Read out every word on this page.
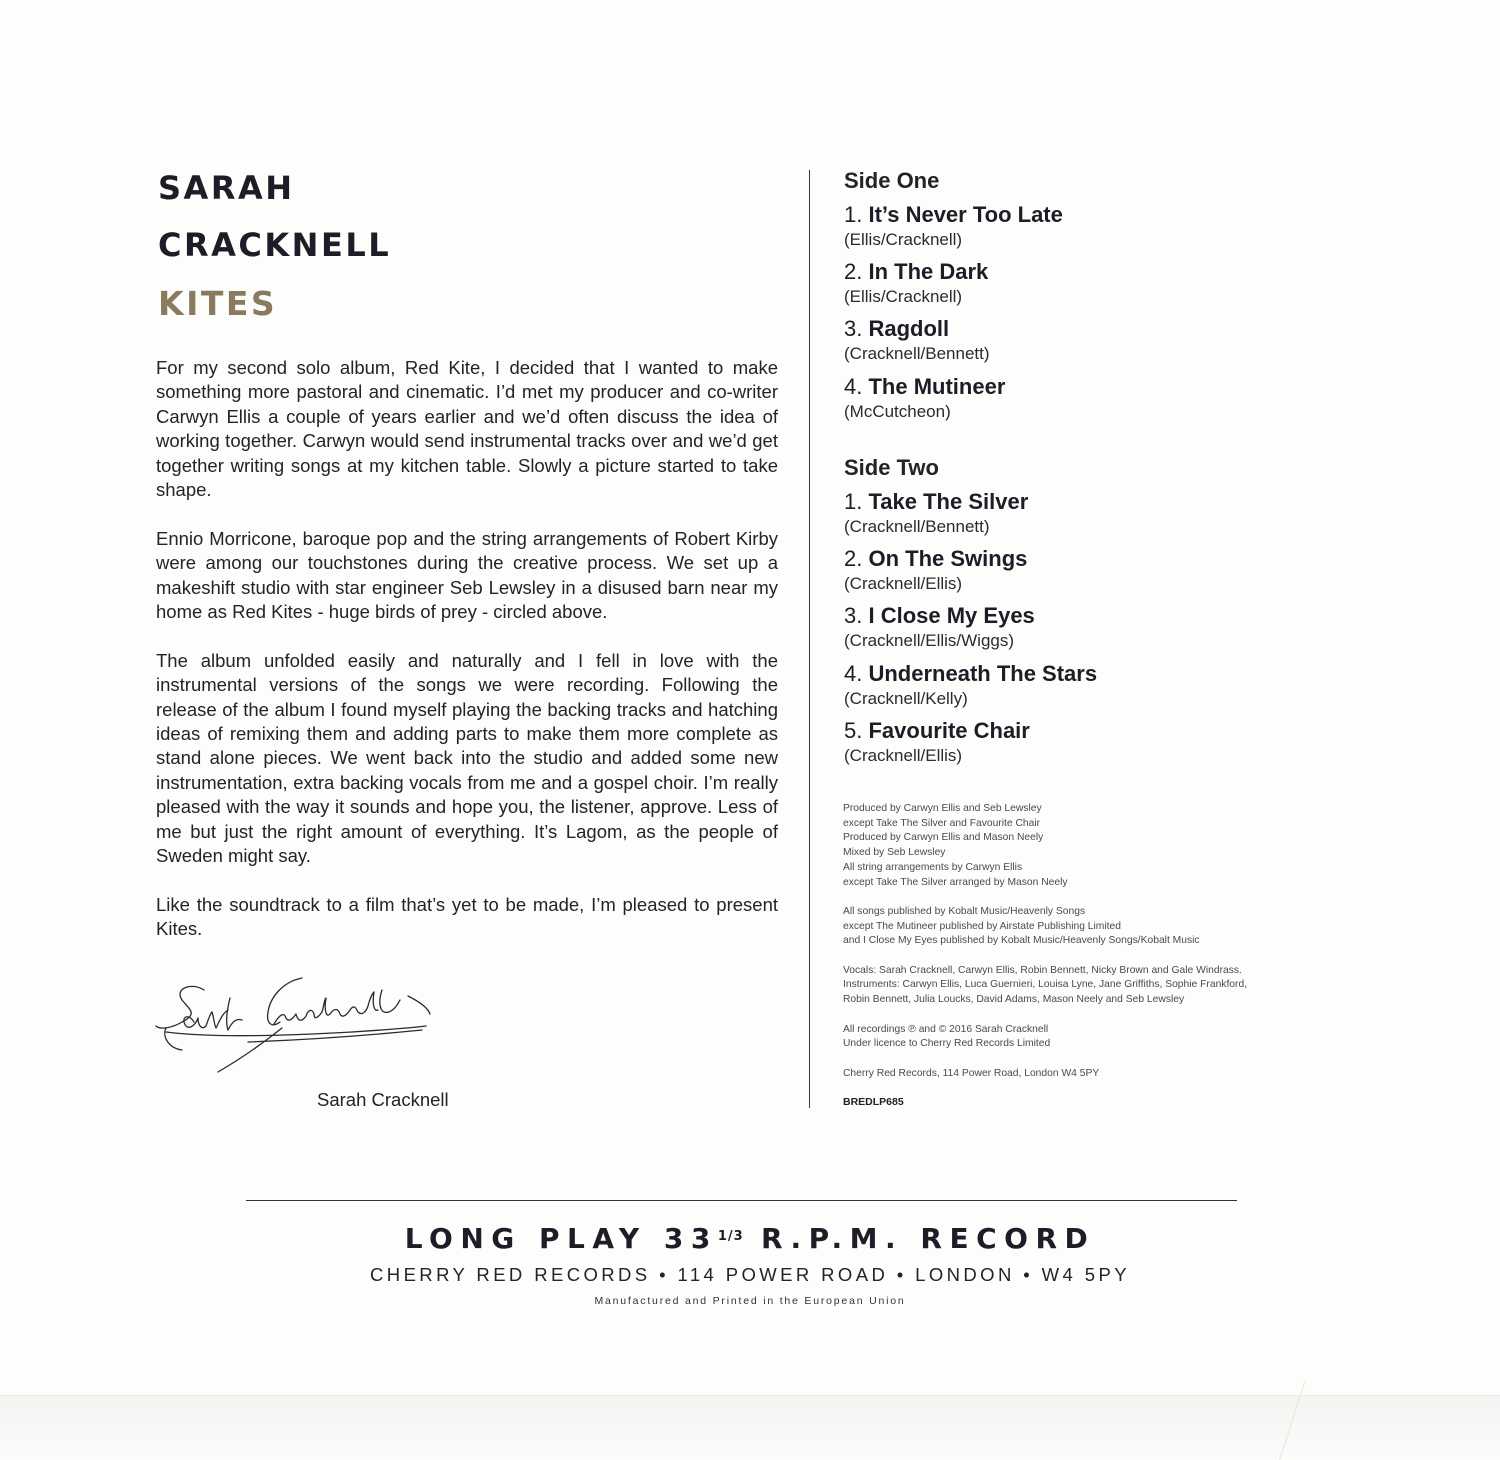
SARAH
CRACKNELL
KITES

For my second solo album, Red Kite, I decided that I wanted to make something more pastoral and cinematic. I’d met my producer and co-writer Carwyn Ellis a couple of years earlier and we’d often discuss the idea of working together. Carwyn would send instrumental tracks over and we’d get together writing songs at my kitchen table. Slowly a picture started to take shape.

Ennio Morricone, baroque pop and the string arrangements of Robert Kirby were among our touchstones during the creative process. We set up a makeshift studio with star engineer Seb Lewsley in a disused barn near my home as Red Kites - huge birds of prey - circled above.

The album unfolded easily and naturally and I fell in love with the instrumental versions of the songs we were recording. Following the release of the album I found myself playing the backing tracks and hatching ideas of remixing them and adding parts to make them more complete as stand alone pieces. We went back into the studio and added some new instrumentation, extra backing vocals from me and a gospel choir. I’m really pleased with the way it sounds and hope you, the listener, approve. Less of me but just the right amount of everything. It’s Lagom, as the people of Sweden might say.

Like the soundtrack to a film that’s yet to be made, I’m pleased to present Kites.

Sarah Cracknell
Side One
1. It’s Never Too Late
(Ellis/Cracknell)
2. In The Dark
(Ellis/Cracknell)
3. Ragdoll
(Cracknell/Bennett)
4. The Mutineer
(McCutcheon)
Side Two
1. Take The Silver
(Cracknell/Bennett)
2. On The Swings
(Cracknell/Ellis)
3. I Close My Eyes
(Cracknell/Ellis/Wiggs)
4. Underneath The Stars
(Cracknell/Kelly)
5. Favourite Chair
(Cracknell/Ellis)

Produced by Carwyn Ellis and Seb Lewsley
except Take The Silver and Favourite Chair
Produced by Carwyn Ellis and Mason Neely
Mixed by Seb Lewsley
All string arrangements by Carwyn Ellis
except Take The Silver arranged by Mason Neely

All songs published by Kobalt Music/Heavenly Songs
except The Mutineer published by Airstate Publishing Limited
and I Close My Eyes published by Kobalt Music/Heavenly Songs/Kobalt Music

Vocals: Sarah Cracknell, Carwyn Ellis, Robin Bennett, Nicky Brown and Gale Windrass.
Instruments: Carwyn Ellis, Luca Guernieri, Louisa Lyne, Jane Griffiths, Sophie Frankford,
Robin Bennett, Julia Loucks, David Adams, Mason Neely and Seb Lewsley

All recordings ℗ and © 2016 Sarah Cracknell
Under licence to Cherry Red Records Limited

Cherry Red Records, 114 Power Road, London W4 5PY

BREDLP685
LONG PLAY $33^{1/3}$ R.P.M. RECORD
CHERRY RED RECORDS • 114 POWER ROAD • LONDON • W4 5PY
Manufactured and Printed in the European Union
